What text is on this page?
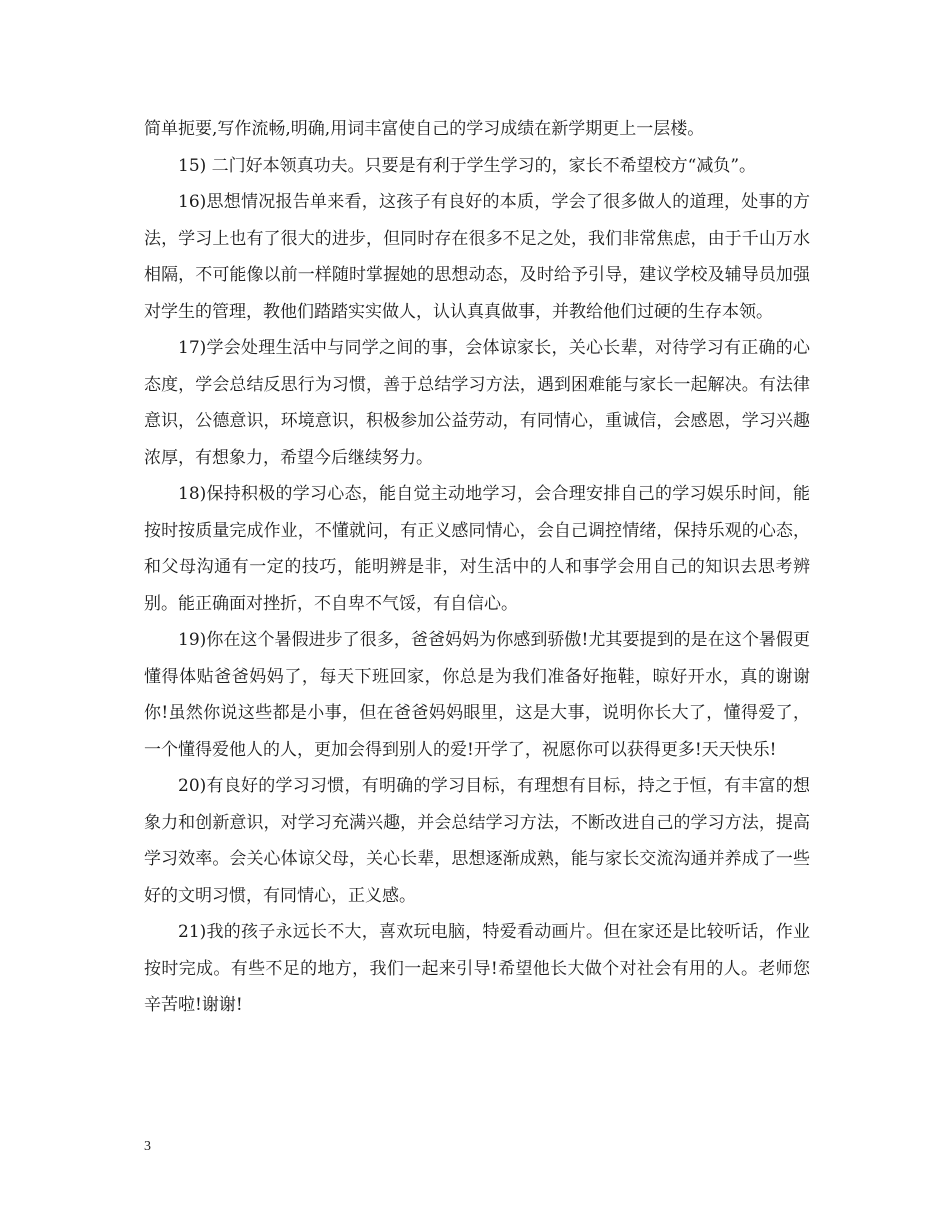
简单扼要,写作流畅,明确,用词丰富使自己的学习成绩在新学期更上一层楼。

15) 二门好本领真功夫。只要是有利于学生学习的，家长不希望校方“减负”。

16)思想情况报告单来看，这孩子有良好的本质，学会了很多做人的道理，处事的方法，学习上也有了很大的进步，但同时存在很多不足之处，我们非常焦虑，由于千山万水相隔，不可能像以前一样随时掌握她的思想动态，及时给予引导，建议学校及辅导员加强对学生的管理，教他们踏踏实实做人，认认真真做事，并教给他们过硬的生存本领。

17)学会处理生活中与同学之间的事，会体谅家长，关心长辈，对待学习有正确的心态度，学会总结反思行为习惯，善于总结学习方法，遇到困难能与家长一起解决。有法律意识，公德意识，环境意识，积极参加公益劳动，有同情心，重诚信，会感恩，学习兴趣浓厚，有想象力，希望今后继续努力。

18)保持积极的学习心态，能自觉主动地学习，会合理安排自己的学习娱乐时间，能按时按质量完成作业，不懂就问，有正义感同情心，会自己调控情绪，保持乐观的心态，和父母沟通有一定的技巧，能明辨是非，对生活中的人和事学会用自己的知识去思考辨别。能正确面对挫折，不自卑不气馁，有自信心。

19)你在这个暑假进步了很多，爸爸妈妈为你感到骄傲!尤其要提到的是在这个暑假更懂得体贴爸爸妈妈了，每天下班回家，你总是为我们准备好拖鞋，晾好开水，真的谢谢你!虽然你说这些都是小事，但在爸爸妈妈眼里，这是大事，说明你长大了，懂得爱了，一个懂得爱他人的人，更加会得到别人的爱!开学了，祝愿你可以获得更多!天天快乐!

20)有良好的学习习惯，有明确的学习目标，有理想有目标，持之于恒，有丰富的想象力和创新意识，对学习充满兴趣，并会总结学习方法，不断改进自己的学习方法，提高学习效率。会关心体谅父母，关心长辈，思想逐渐成熟，能与家长交流沟通并养成了一些好的文明习惯，有同情心，正义感。

21)我的孩子永远长不大，喜欢玩电脑，特爱看动画片。但在家还是比较听话，作业按时完成。有些不足的地方，我们一起来引导!希望他长大做个对社会有用的人。老师您辛苦啦!谢谢!

3
